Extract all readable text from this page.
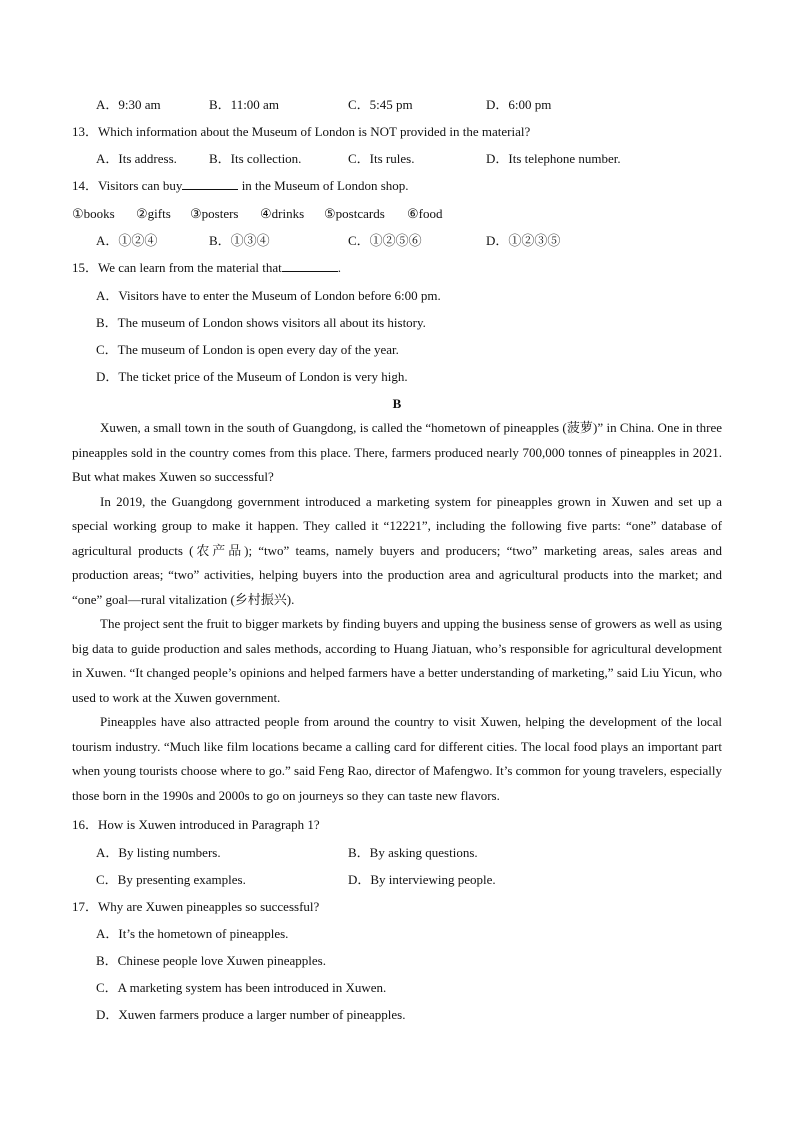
A．9:30 am	B．11:00 am	C．5:45 pm	D．6:00 pm
13．Which information about the Museum of London is NOT provided in the material?
A．Its address. B．Its collection.	C．Its rules.	D．Its telephone number.
14．Visitors can buy	in the Museum of London shop.
①books ②gifts ③posters ④drinks ⑤postcards ⑥food
A．①②④	B．①③④	C．①②⑤⑥	D．①②③⑤
15．We can learn from the material that	.
A．Visitors have to enter the Museum of London before 6:00 pm.
B．The museum of London shows visitors all about its history.
C．The museum of London is open every day of the year.
D．The ticket price of the Museum of London is very high.
B

Xuwen, a small town in the south of Guangdong, is called the “hometown of pineapples (菠萝)” in China. One in three pineapples sold in the country comes from this place. There, farmers produced nearly 700,000 tonnes of pineapples in 2021. But what makes Xuwen so successful?

In 2019, the Guangdong government introduced a marketing system for pineapples grown in Xuwen and set up a special working group to make it happen. They called it “12221”, including the following five parts: “one” database of agricultural products (农产品); “two” teams, namely buyers and producers; “two” marketing areas, sales areas and production areas; “two” activities, helping buyers into the production area and agricultural products into the market; and “one” goal—rural vitalization (乡村振兴).

The project sent the fruit to bigger markets by finding buyers and upping the business sense of growers as well as using big data to guide production and sales methods, according to Huang Jiatuan, who’s responsible for agricultural development in Xuwen. “It changed people’s opinions and helped farmers have a better understanding of marketing,” said Liu Yicun, who used to work at the Xuwen government.

Pineapples have also attracted people from around the country to visit Xuwen, helping the development of the local tourism industry. “Much like film locations became a calling card for different cities. The local food plays an important part when young tourists choose where to go.” said Feng Rao, director of Mafengwo. It’s common for young travelers, especially those born in the 1990s and 2000s to go on journeys so they can taste new flavors.

16．How is Xuwen introduced in Paragraph 1?
A．By listing numbers.	B．By asking questions.
C．By presenting examples.	D．By interviewing people.
17．Why are Xuwen pineapples so successful?
A．It’s the hometown of pineapples.
B．Chinese people love Xuwen pineapples.
C．A marketing system has been introduced in Xuwen.
D．Xuwen farmers produce a larger number of pineapples.
